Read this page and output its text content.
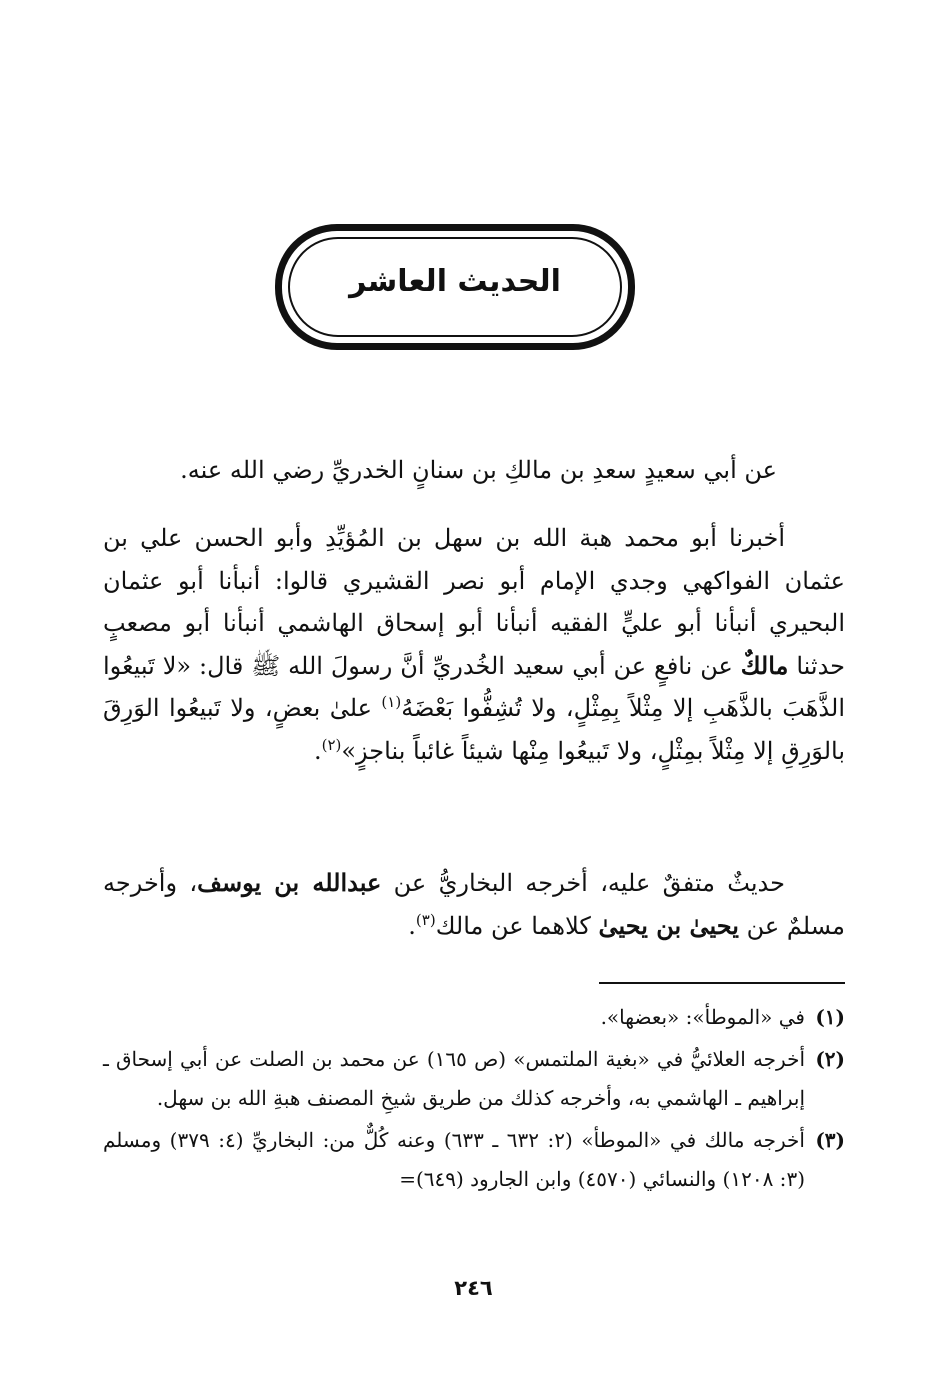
الحديث العاشر

عن أبي سعيدٍ سعدِ بن مالكِ بن سنانٍ الخدريِّ رضي الله عنه.

أخبرنا أبو محمد هبة الله بن سهل بن المُؤيِّدِ وأبو الحسن علي بن عثمان الفواكهي وجدي الإمام أبو نصر القشيري قالوا: أنبأنا أبو عثمان البحيري أنبأنا أبو عليٍّ الفقيه أنبأنا أبو إسحاق الهاشمي أنبأنا أبو مصعبٍ حدثنا مالكٌ عن نافعٍ عن أبي سعيد الخُدريِّ أنَّ رسولَ الله ﷺ قال: «لا تَبيعُوا الذَّهَبَ بالذَّهَبِ إلا مِثْلاً بِمِثْلٍ، ولا تُشِفُّوا بَعْضَهُ$^{(١)}$ علىٰ بعضٍ، ولا تَبيعُوا الوَرِقَ بالوَرِقِ إلا مِثْلاً بمِثْلٍ، ولا تَبيعُوا مِنْها شيئاً غائباً بناجزٍ»$^{(٢)}$.

حديثٌ متفقٌ عليه، أخرجه البخاريُّ عن عبدالله بن يوسف، وأخرجه مسلمٌ عن يحيىٰ بن يحيىٰ كلاهما عن مالك$^{(٣)}$.

(١)
في «الموطأ»: «بعضها».
(٢)
أخرجه العلائيُّ في «بغية الملتمس» (ص ١٦٥) عن محمد بن الصلت عن أبي إسحاق ـ إبراهيم ـ الهاشمي به، وأخرجه كذلك من طريق شيخِ المصنف هبةِ الله بن سهل.
(٣)
أخرجه مالك في «الموطأ» (٢: ٦٣٢ ـ ٦٣٣) وعنه كُلٌّ من: البخاريِّ (٤: ٣٧٩) ومسلم (٣: ١٢٠٨) والنسائي (٤٥٧٠) وابن الجارود (٦٤٩)=
٢٤٦
